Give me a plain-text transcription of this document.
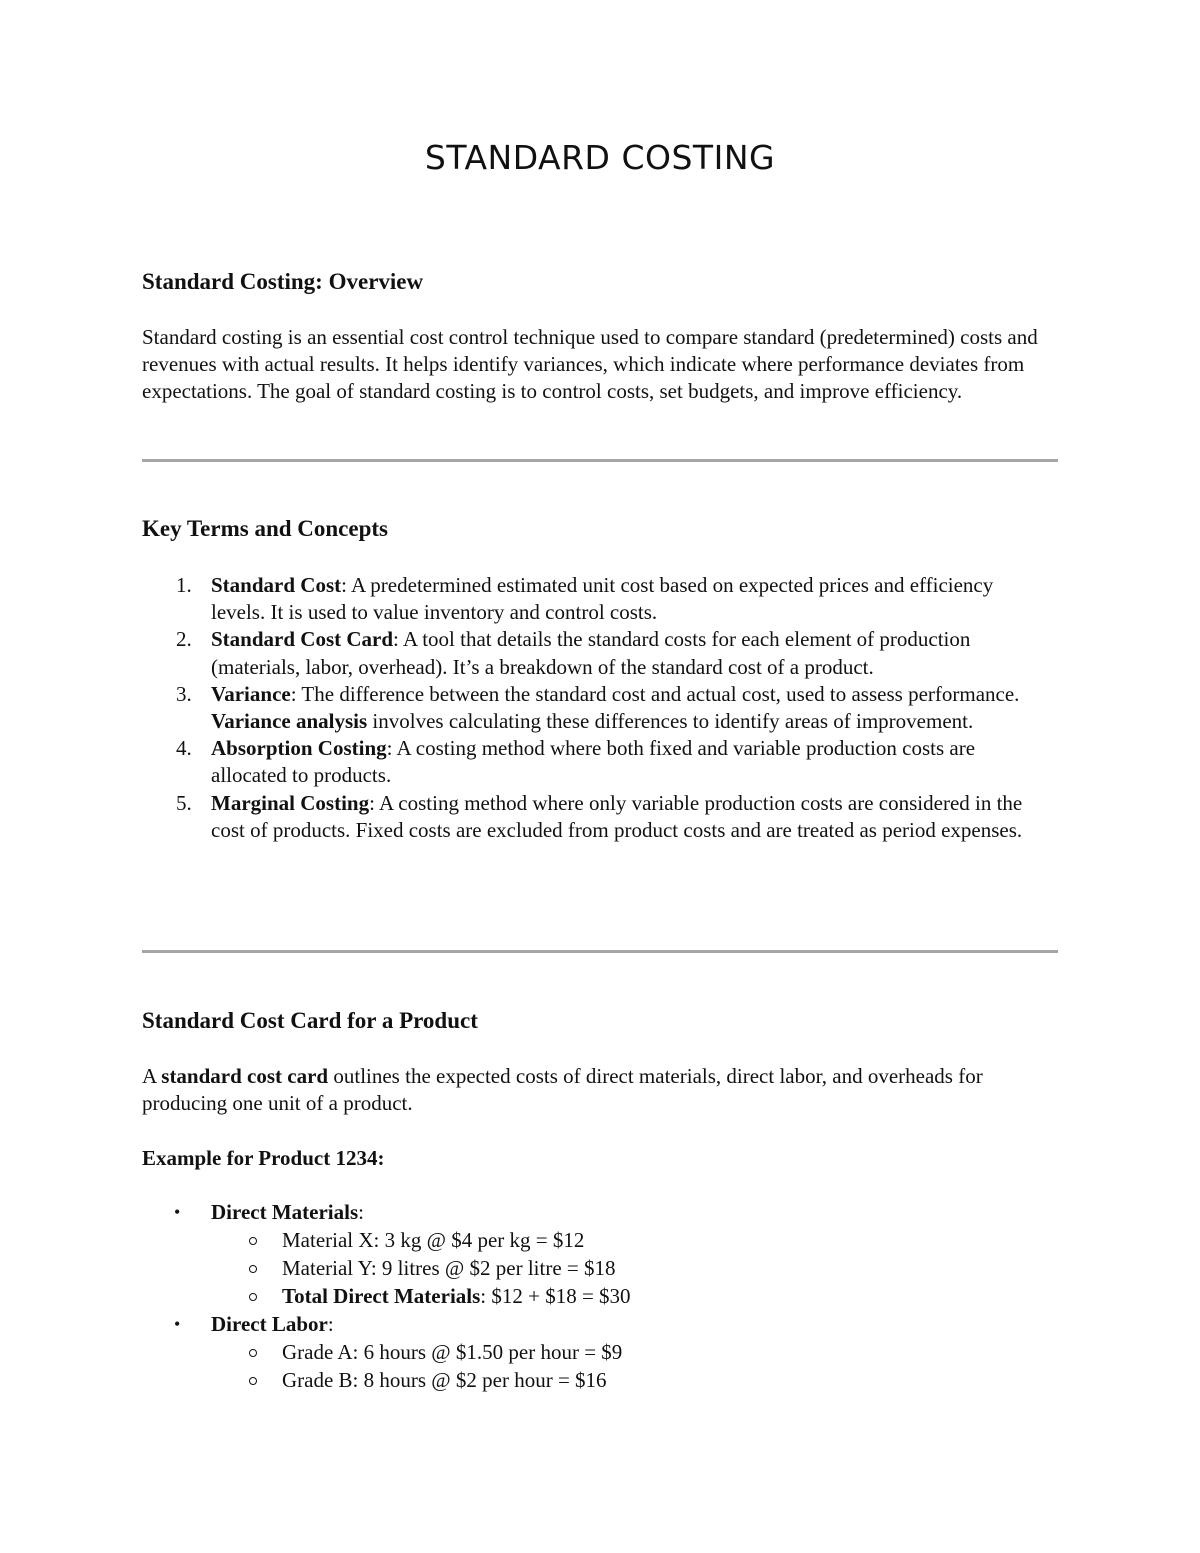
STANDARD COSTING
Standard Costing: Overview

Standard costing is an essential cost control technique used to compare standard (predetermined) costs and revenues with actual results. It helps identify variances, which indicate where performance deviates from expectations. The goal of standard costing is to control costs, set budgets, and improve efficiency.

Key Terms and Concepts
1. Standard Cost: A predetermined estimated unit cost based on expected prices and efficiency levels. It is used to value inventory and control costs.
2. Standard Cost Card: A tool that details the standard costs for each element of production (materials, labor, overhead). It’s a breakdown of the standard cost of a product.
3. Variance: The difference between the standard cost and actual cost, used to assess performance. Variance analysis involves calculating these differences to identify areas of improvement.
4. Absorption Costing: A costing method where both fixed and variable production costs are allocated to products.
5. Marginal Costing: A costing method where only variable production costs are considered in the cost of products. Fixed costs are excluded from product costs and are treated as period expenses.
Standard Cost Card for a Product

A standard cost card outlines the expected costs of direct materials, direct labor, and overheads for producing one unit of a product.

Example for Product 1234:

• Direct Materials:
Material X: 3 kg @ $4 per kg = $12
Material Y: 9 litres @ $2 per litre = $18
Total Direct Materials: $12 + $18 = $30
• Direct Labor:
Grade A: 6 hours @ $1.50 per hour = $9
Grade B: 8 hours @ $2 per hour = $16
